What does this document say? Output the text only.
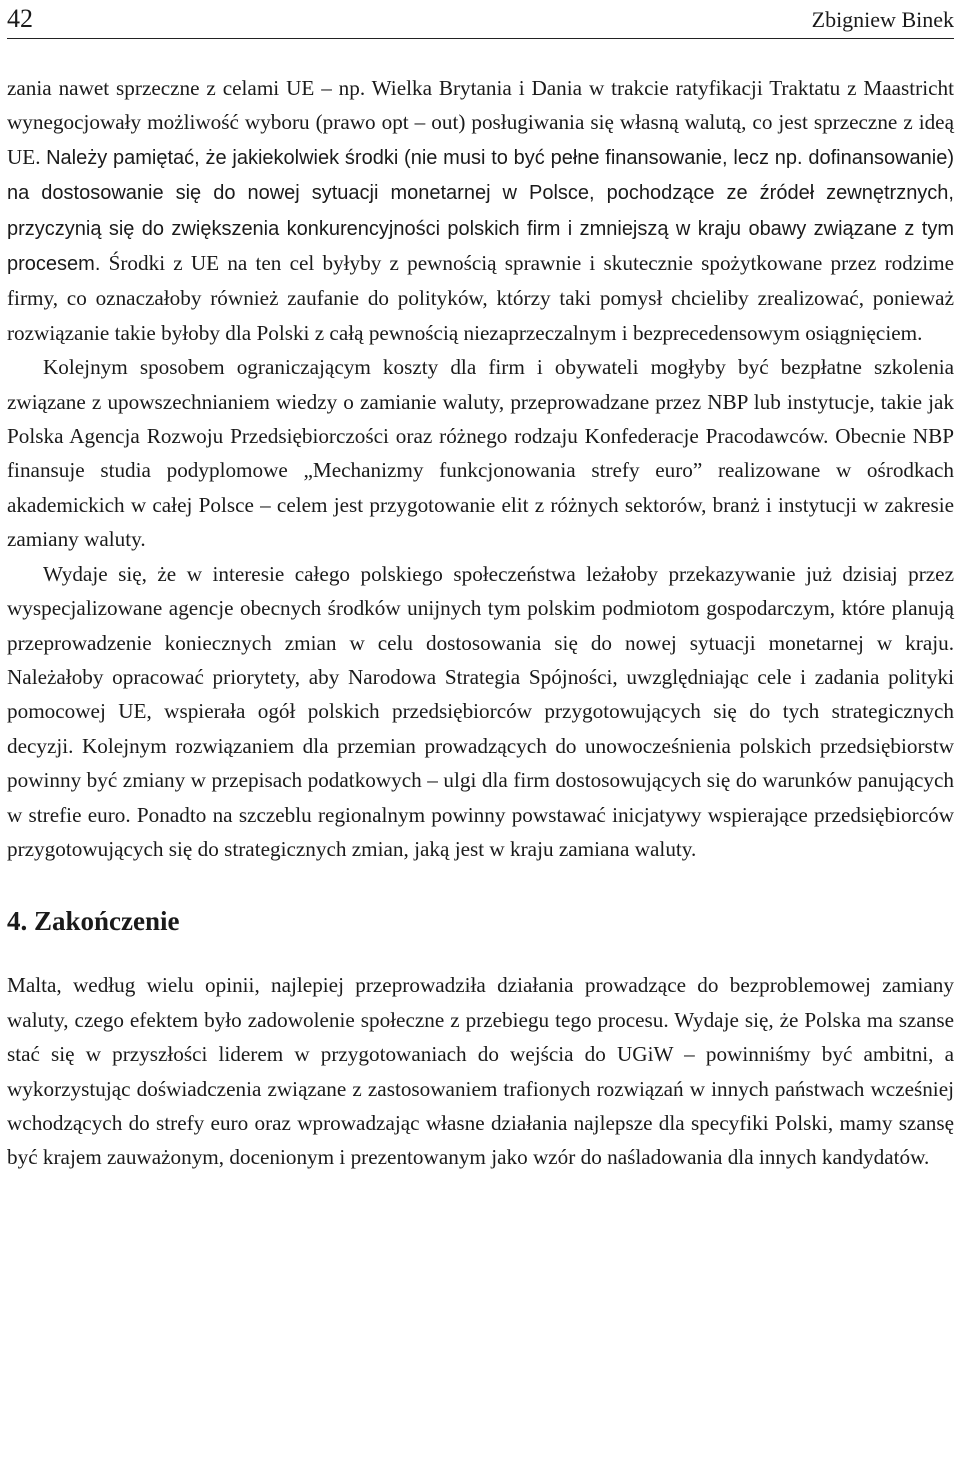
42	Zbigniew Binek

zania nawet sprzeczne z celami UE – np. Wielka Brytania i Dania w trakcie ratyfikacji Traktatu z Maastricht wynegocjowały możliwość wyboru (prawo opt – out) posługiwania się własną walutą, co jest sprzeczne z ideą UE. Należy pamiętać, że jakiekolwiek środki (nie musi to być pełne finansowanie, lecz np. dofinansowanie) na dostosowanie się do nowej sytuacji monetarnej w Polsce, pochodzące ze źródeł zewnętrznych, przyczynią się do zwiększenia konkurencyjności polskich firm i zmniejszą w kraju obawy związane z tym procesem. Środki z UE na ten cel byłyby z pewnością sprawnie i skutecznie spożytkowane przez rodzime firmy, co oznaczałoby również zaufanie do polityków, którzy taki pomysł chcieliby zrealizować, ponieważ rozwiązanie takie byłoby dla Polski z całą pewnością niezaprzeczalnym i bezprecedensowym osiągnięciem.

Kolejnym sposobem ograniczającym koszty dla firm i obywateli mogłyby być bezpłatne szkolenia związane z upowszechnianiem wiedzy o zamianie waluty, przeprowadzane przez NBP lub instytucje, takie jak Polska Agencja Rozwoju Przedsiębiorczości oraz różnego rodzaju Konfederacje Pracodawców. Obecnie NBP finansuje studia podyplomowe „Mechanizmy funkcjonowania strefy euro” realizowane w ośrodkach akademickich w całej Polsce – celem jest przygotowanie elit z różnych sektorów, branż i instytucji w zakresie zamiany waluty.

Wydaje się, że w interesie całego polskiego społeczeństwa leżałoby przekazywanie już dzisiaj przez wyspecjalizowane agencje obecnych środków unijnych tym polskim podmiotom gospodarczym, które planują przeprowadzenie koniecznych zmian w celu dostosowania się do nowej sytuacji monetarnej w kraju. Należałoby opracować priorytety, aby Narodowa Strategia Spójności, uwzględniając cele i zadania polityki pomocowej UE, wspierała ogół polskich przedsiębiorców przygotowujących się do tych strategicznych decyzji. Kolejnym rozwiązaniem dla przemian prowadzących do unowocześnienia polskich przedsiębiorstw powinny być zmiany w przepisach podatkowych – ulgi dla firm dostosowujących się do warunków panujących w strefie euro. Ponadto na szczeblu regionalnym powinny powstawać inicjatywy wspierające przedsiębiorców przygotowujących się do strategicznych zmian, jaką jest w kraju zamiana waluty.

4. Zakończenie

Malta, według wielu opinii, najlepiej przeprowadziła działania prowadzące do bezproblemowej zamiany waluty, czego efektem było zadowolenie społeczne z przebiegu tego procesu. Wydaje się, że Polska ma szanse stać się w przyszłości liderem w przygotowaniach do wejścia do UGiW – powinniśmy być ambitni, a wykorzystując doświadczenia związane z zastosowaniem trafionych rozwiązań w innych państwach wcześniej wchodzących do strefy euro oraz wprowadzając własne działania najlepsze dla specyfiki Polski, mamy szansę być krajem zauważonym, docenionym i prezentowanym jako wzór do naśladowania dla innych kandydatów.
